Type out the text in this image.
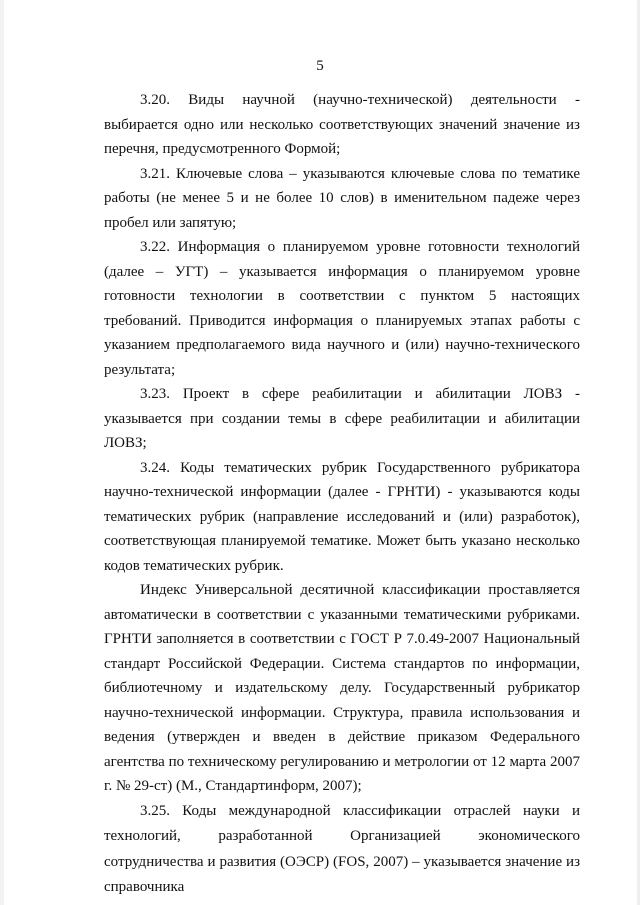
5

3.20. Виды научной (научно-технической) деятельности - выбирается одно или несколько соответствующих значений значение из перечня, предусмотренного Формой;

3.21. Ключевые слова – указываются ключевые слова по тематике работы (не менее 5 и не более 10 слов) в именительном падеже через пробел или запятую;

3.22. Информация о планируемом уровне готовности технологий (далее – УГТ) – указывается информация о планируемом уровне готовности технологии в соответствии с пунктом 5 настоящих требований. Приводится информация о планируемых этапах работы с указанием предполагаемого вида научного и (или) научно-технического результата;

3.23. Проект в сфере реабилитации и абилитации ЛОВЗ - указывается при создании темы в сфере реабилитации и абилитации ЛОВЗ;

3.24. Коды тематических рубрик Государственного рубрикатора научно-технической информации (далее - ГРНТИ) - указываются коды тематических рубрик (направление исследований и (или) разработок), соответствующая планируемой тематике. Может быть указано несколько кодов тематических рубрик.

Индекс Универсальной десятичной классификации проставляется автоматически в соответствии с указанными тематическими рубриками. ГРНТИ заполняется в соответствии с ГОСТ Р 7.0.49-2007 Национальный стандарт Российской Федерации. Система стандартов по информации, библиотечному и издательскому делу. Государственный рубрикатор научно-технической информации. Структура, правила использования и ведения (утвержден и введен в действие приказом Федерального агентства по техническому регулированию и метрологии от 12 марта 2007 г. № 29-ст) (М., Стандартинформ, 2007);

3.25. Коды международной классификации отраслей науки и технологий, разработанной Организацией экономического сотрудничества и развития (ОЭСР) (FOS, 2007) – указывается значение из справочника
